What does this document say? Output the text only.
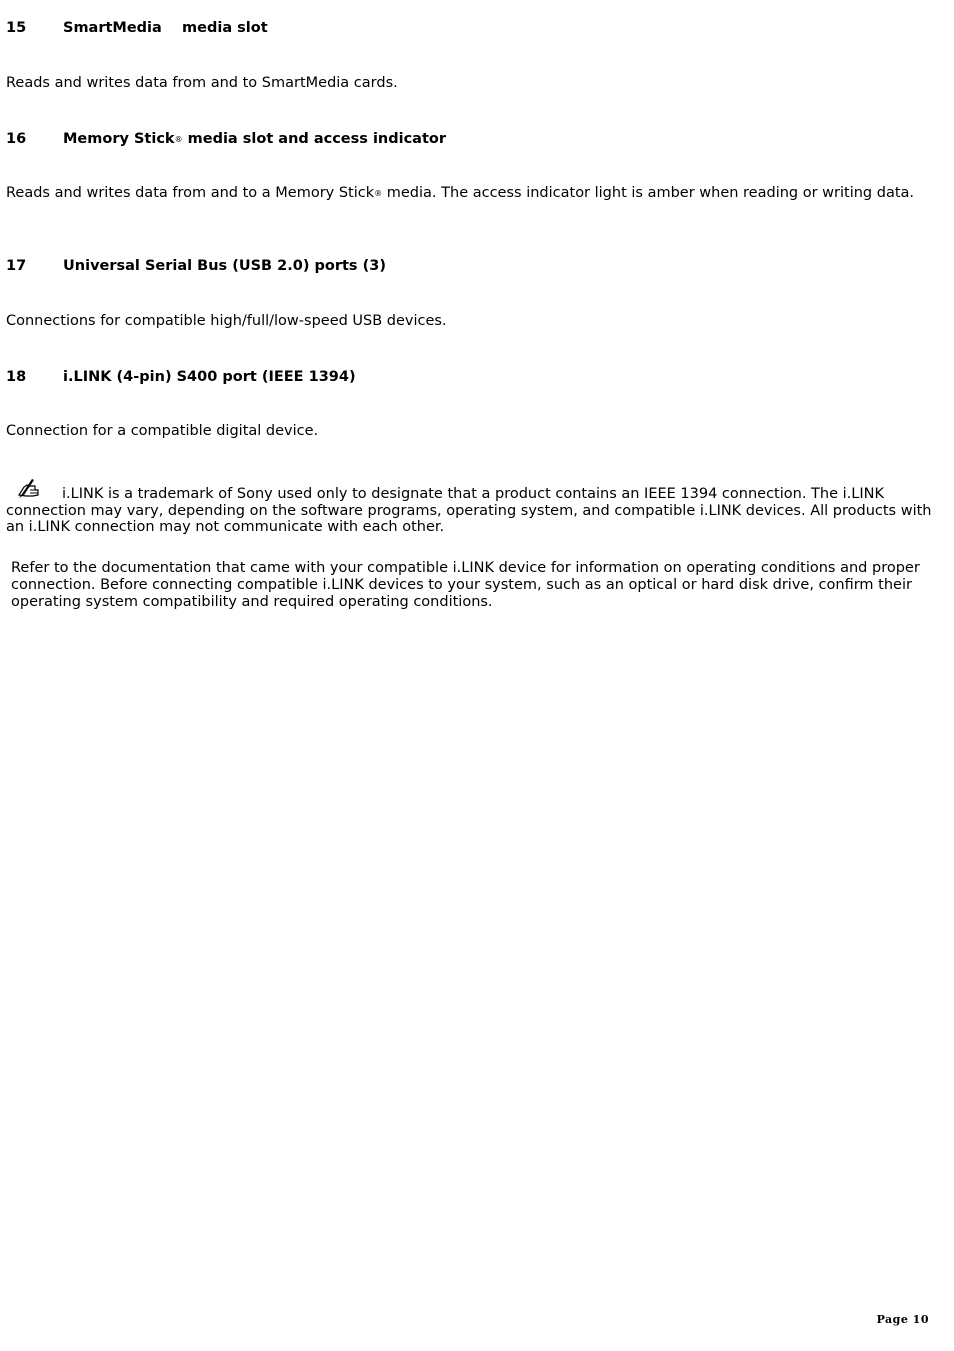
15	SmartMedia    media slot
Reads and writes data from and to SmartMedia cards.
16	Memory Stick® media slot and access indicator
Reads and writes data from and to a Memory Stick® media. The access indicator light is amber when reading or writing data.
17	Universal Serial Bus (USB 2.0) ports (3)
Connections for compatible high/full/low-speed USB devices.
18	i.LINK (4-pin) S400 port (IEEE 1394)
Connection for a compatible digital device.
i.LINK is a trademark of Sony used only to designate that a product contains an IEEE 1394 connection. The i.LINK connection may vary, depending on the software programs, operating system, and compatible i.LINK devices. All products with an i.LINK connection may not communicate with each other.
Refer to the documentation that came with your compatible i.LINK device for information on operating conditions and proper connection. Before connecting compatible i.LINK devices to your system, such as an optical or hard disk drive, confirm their operating system compatibility and required operating conditions.
Page 10
